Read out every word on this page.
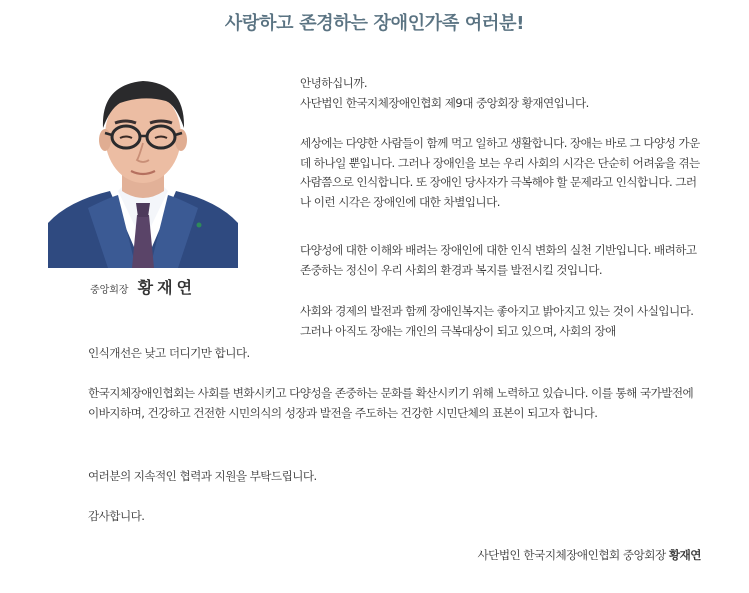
사랑하고 존경하는 장애인가족 여러분!
중앙회장 황재연

안녕하십니까.

사단법인 한국지체장애인협회 제9대 중앙회장 황재연입니다.

세상에는 다양한 사람들이 함께 먹고 일하고 생활합니다. 장애는 바로 그 다양성 가운데 하나일 뿐입니다. 그러나 장애인을 보는 우리 사회의 시각은 단순히 어려움을 겪는 사람쯤으로 인식합니다. 또 장애인 당사자가 극복해야 할 문제라고 인식합니다. 그러나 이런 시각은 장애인에 대한 차별입니다.

다양성에 대한 이해와 배려는 장애인에 대한 인식 변화의 실천 기반입니다. 배려하고 존중하는 정신이 우리 사회의 환경과 복지를 발전시킬 것입니다.

사회와 경제의 발전과 함께 장애인복지는 좋아지고 밝아지고 있는 것이 사실입니다. 그러나 아직도 장애는 개인의 극복대상이 되고 있으며, 사회의 장애

인식개선은 낮고 더디기만 합니다.

한국지체장애인협회는 사회를 변화시키고 다양성을 존중하는 문화를 확산시키기 위해 노력하고 있습니다. 이를 통해 국가발전에 이바지하며, 건강하고 건전한 시민의식의 성장과 발전을 주도하는 건강한 시민단체의 표본이 되고자 합니다.

여러분의 지속적인 협력과 지원을 부탁드립니다.

감사합니다.

사단법인 한국지체장애인협회 중앙회장 황재연
